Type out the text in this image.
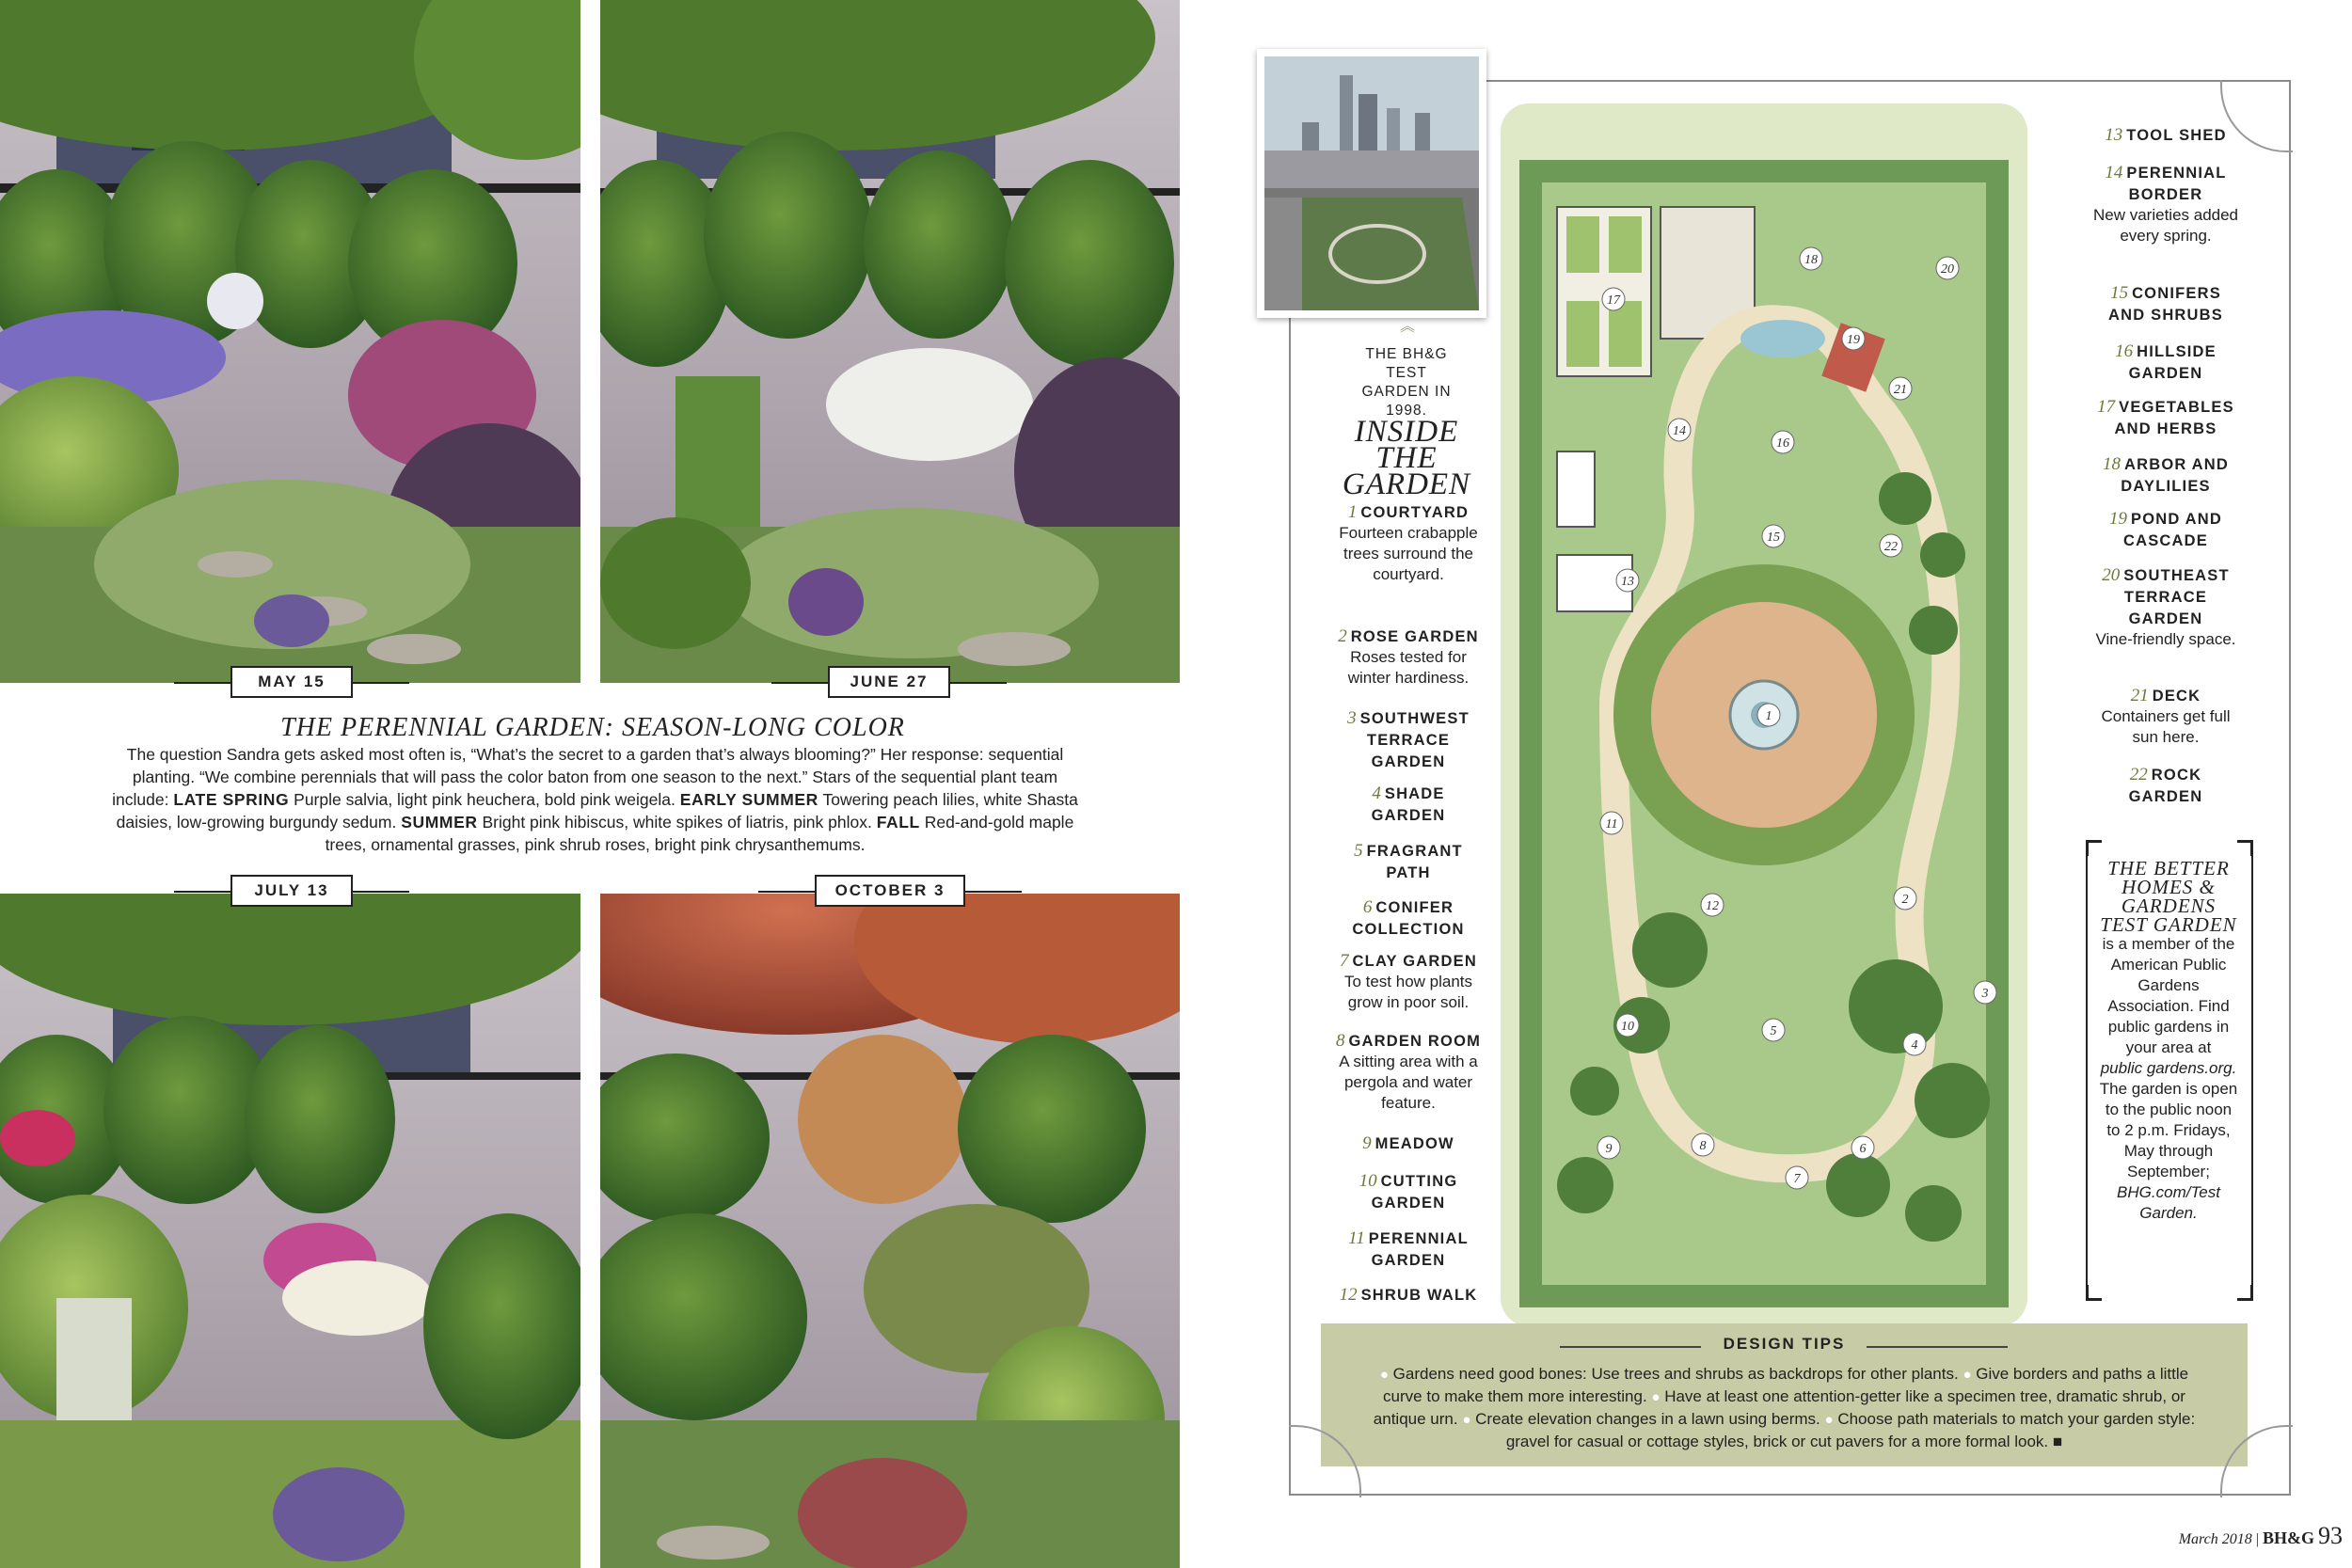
MAY 15	JUNE 27
THE PERENNIAL GARDEN: SEASON-LONG COLOR
The question Sandra gets asked most often is, “What’s the secret to a garden that’s always blooming?” Her response: sequential planting. “We combine perennials that will pass the color baton from one season to the next.” Stars of the sequential plant team include: LATE SPRING Purple salvia, light pink heuchera, bold pink weigela. EARLY SUMMER Towering peach lilies, white Shasta daisies, low-growing burgundy sedum. SUMMER Bright pink hibiscus, white spikes of liatris, pink phlox. FALL Red-and-gold maple trees, ornamental grasses, pink shrub roses, bright pink chrysanthemums.
JULY 13	OCTOBER 3
︽
THE BH&G TEST GARDEN IN 1998.
INSIDE
THE
GARDEN
1 COURTYARD
Fourteen crabapple trees surround the courtyard.
2 ROSE GARDEN
Roses tested for winter hardiness.
3 SOUTHWEST TERRACE GARDEN
4 SHADE GARDEN
5 FRAGRANT PATH
6 CONIFER COLLECTION
7 CLAY GARDEN
To test how plants grow in poor soil.
8 GARDEN ROOM
A sitting area with a pergola and water feature.
9 MEADOW
10 CUTTING GARDEN
11 PERENNIAL GARDEN
12 SHRUB WALK
13 TOOL SHED
14 PERENNIAL BORDER
New varieties added every spring.
15 CONIFERS AND SHRUBS
16 HILLSIDE GARDEN
17 VEGETABLES AND HERBS
18 ARBOR AND DAYLILIES
19 POND AND CASCADE
20 SOUTHEAST TERRACE GARDEN
Vine-friendly space.
21 DECK
Containers get full sun here.
22 ROCK GARDEN
1
2
3
4
5
6
7
8
9
10
11
12
13
14
15
16
17
18
19
20
21
22
THE BETTER HOMES & GARDENS TEST GARDEN
is a member of the American Public Gardens Association. Find public gardens in your area at
public gardens.org.
The garden is open to the public noon to 2 p.m. Fridays, May through September;
BHG.com/Test Garden.
DESIGN TIPS
● Gardens need good bones: Use trees and shrubs as backdrops for other plants. ● Give borders and paths a little curve to make them more interesting. ● Have at least one attention-getter like a specimen tree, dramatic shrub, or antique urn. ● Create elevation changes in a lawn using berms. ● Choose path materials to match your garden style: gravel for casual or cottage styles, brick or cut pavers for a more formal look. ■
March 2018 | BH&G 93
